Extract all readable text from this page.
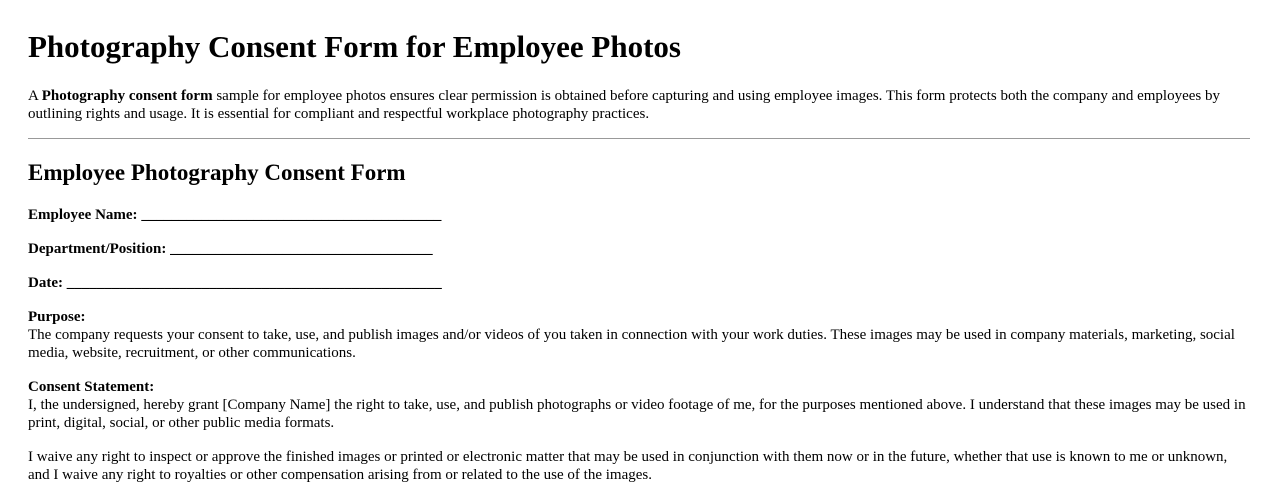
Photography Consent Form for Employee Photos

A Photography consent form sample for employee photos ensures clear permission is obtained before capturing and using employee images. This form protects both the company and employees by outlining rights and usage. It is essential for compliant and respectful workplace photography practices.

Employee Photography Consent Form

Employee Name: ________________________________________

Department/Position: ___________________________________

Date: __________________________________________________

Purpose:

The company requests your consent to take, use, and publish images and/or videos of you taken in connection with your work duties. These images may be used in company materials, marketing, social media, website, recruitment, or other communications.

Consent Statement:

I, the undersigned, hereby grant [Company Name] the right to take, use, and publish photographs or video footage of me, for the purposes mentioned above. I understand that these images may be used in print, digital, social, or other public media formats.

I waive any right to inspect or approve the finished images or printed or electronic matter that may be used in conjunction with them now or in the future, whether that use is known to me or unknown, and I waive any right to royalties or other compensation arising from or related to the use of the images.
